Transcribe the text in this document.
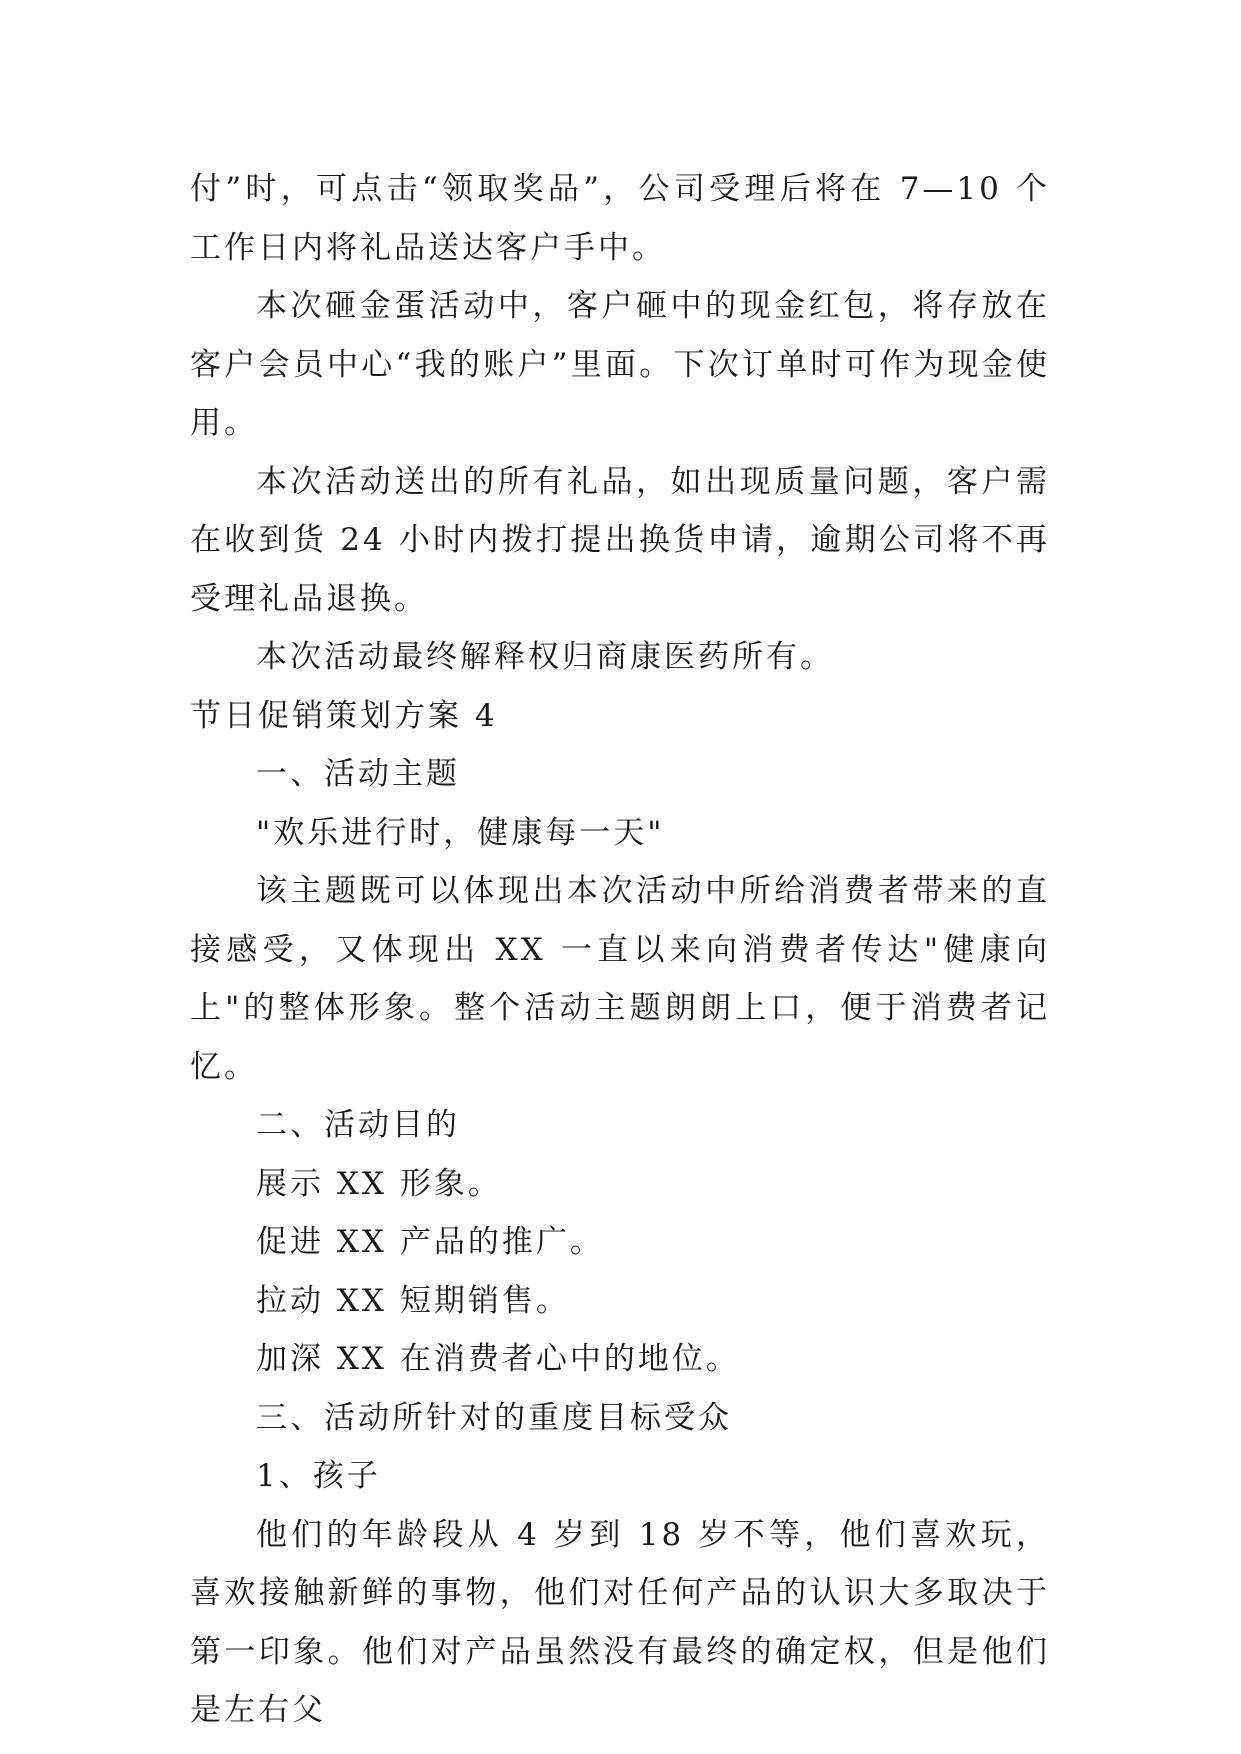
付”时，可点击“领取奖品”，公司受理后将在 7—10 个工作日内将礼品送达客户手中。

本次砸金蛋活动中，客户砸中的现金红包，将存放在客户会员中心“我的账户”里面。下次订单时可作为现金使用。

本次活动送出的所有礼品，如出现质量问题，客户需在收到货 24 小时内拨打提出换货申请，逾期公司将不再受理礼品退换。

本次活动最终解释权归商康医药所有。

节日促销策划方案 4

一、活动主题

"欢乐进行时，健康每一天"

该主题既可以体现出本次活动中所给消费者带来的直接感受，又体现出 XX 一直以来向消费者传达"健康向上"的整体形象。整个活动主题朗朗上口，便于消费者记忆。

二、活动目的

展示 XX 形象。

促进 XX 产品的推广。

拉动 XX 短期销售。

加深 XX 在消费者心中的地位。

三、活动所针对的重度目标受众

1、孩子

他们的年龄段从 4 岁到 18 岁不等，他们喜欢玩，喜欢接触新鲜的事物，他们对任何产品的认识大多取决于第一印象。他们对产品虽然没有最终的确定权，但是他们是左右父
